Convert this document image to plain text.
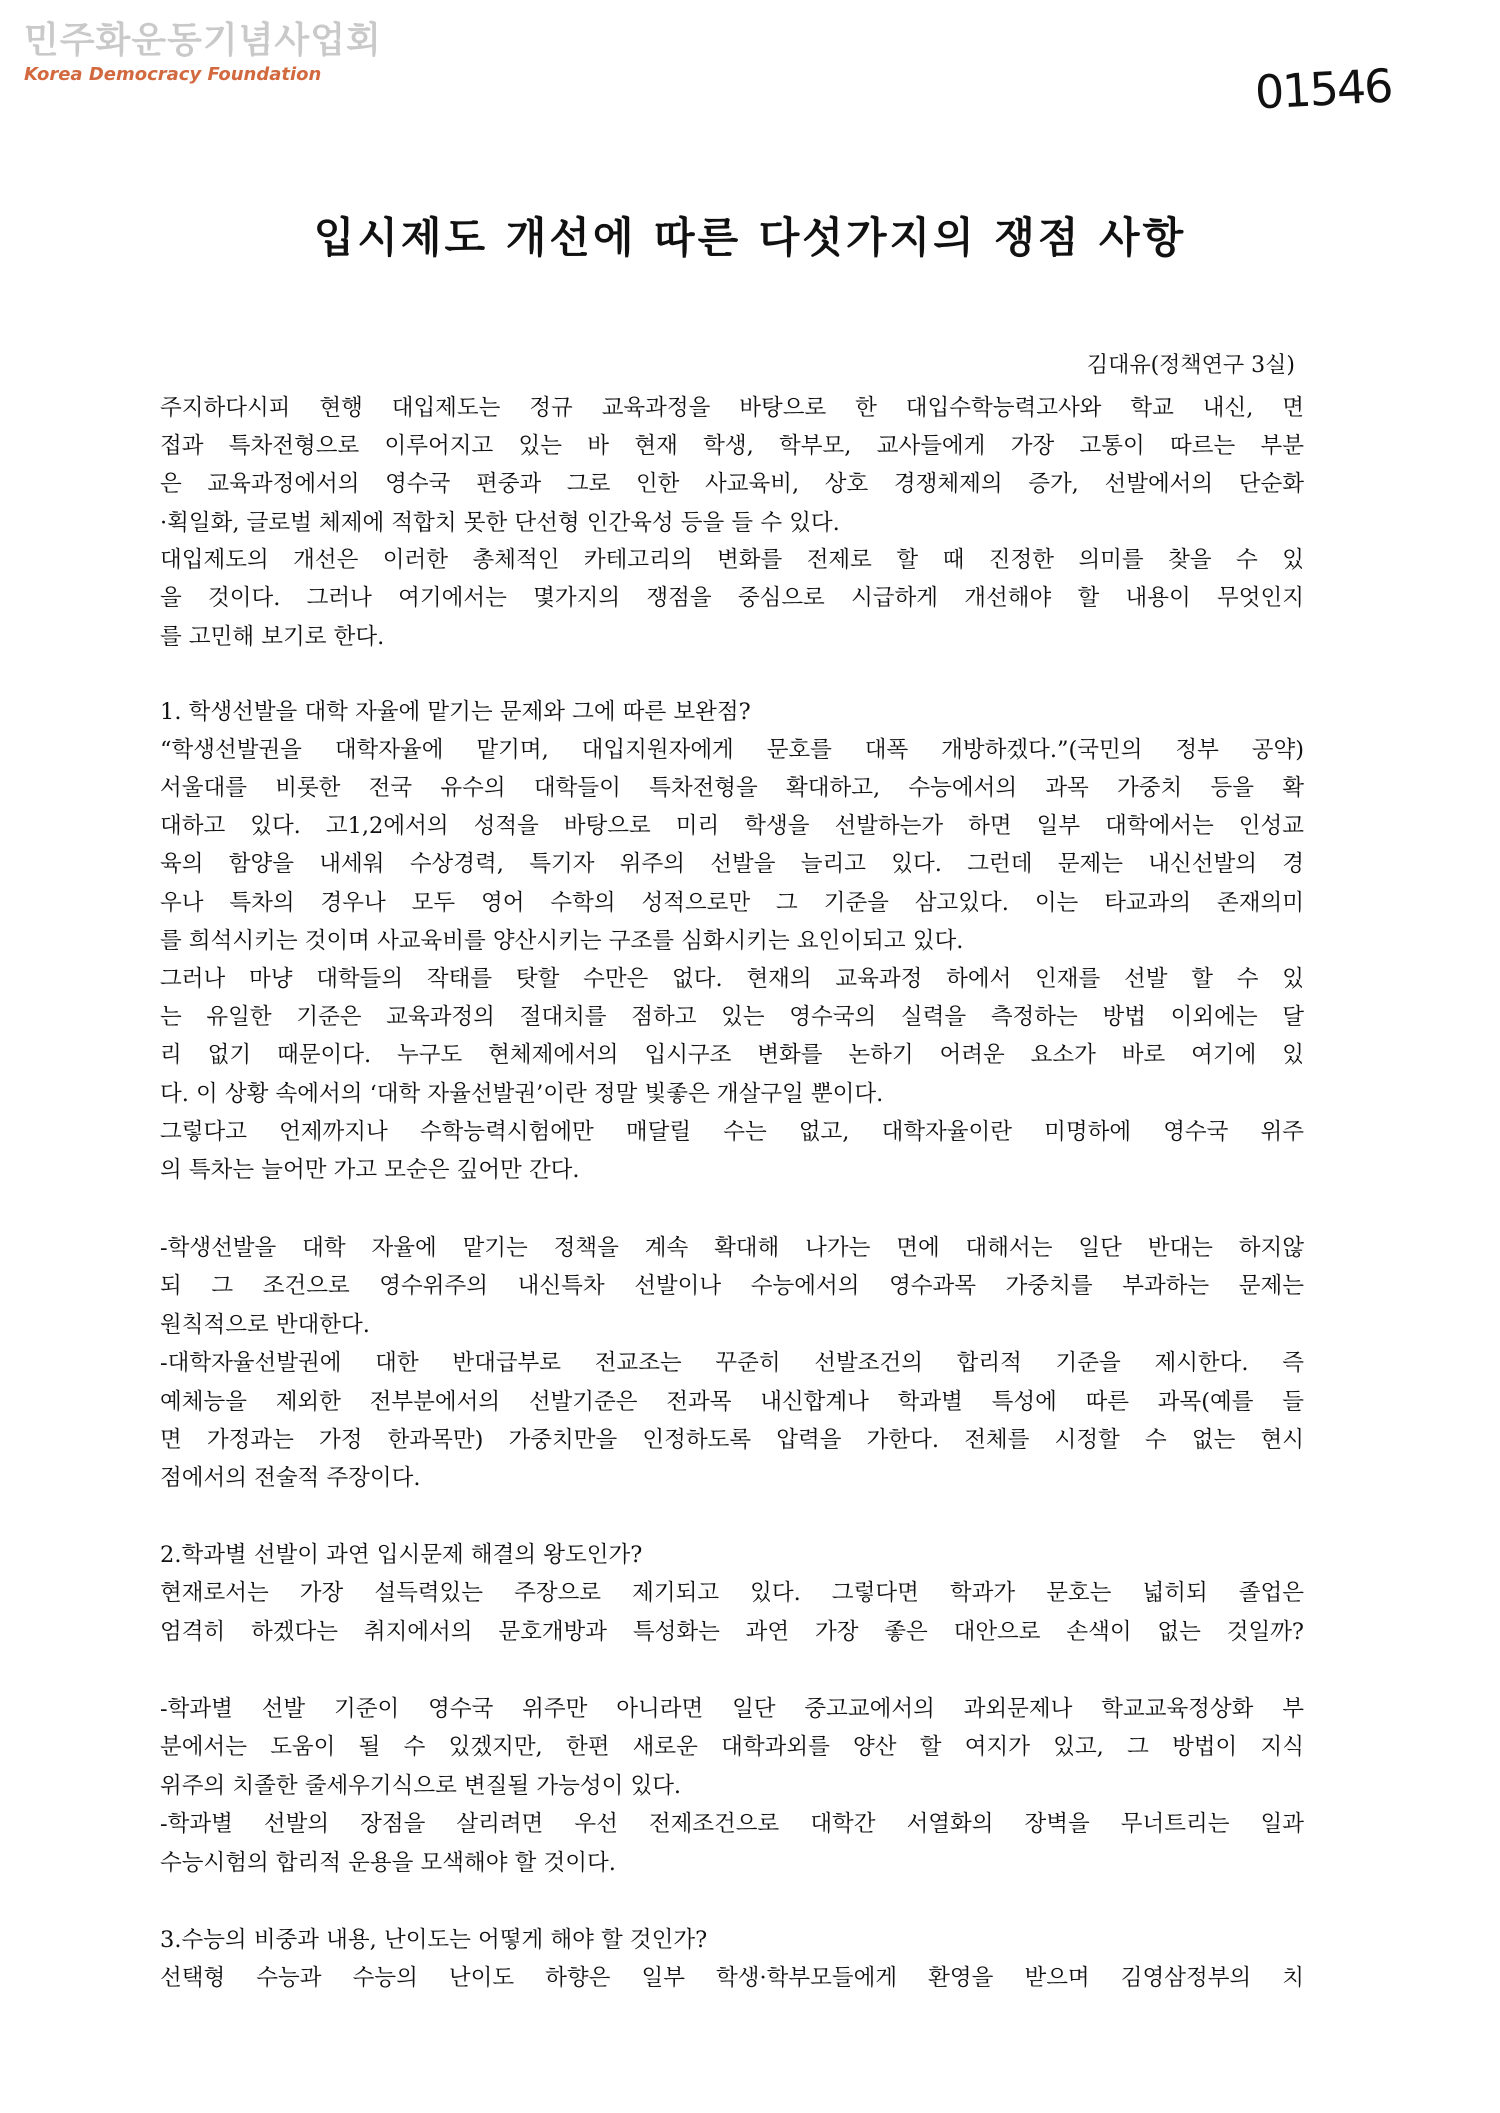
민주화운동기념사업회
Korea Democracy Foundation	01546
입시제도 개선에 따른 다섯가지의 쟁점 사항
김대유(정책연구 3실)
주지하다시피 현행 대입제도는 정규 교육과정을 바탕으로 한 대입수학능력고사와 학교 내신, 면
접과 특차전형으로 이루어지고 있는 바 현재 학생, 학부모, 교사들에게 가장 고통이 따르는 부분
은 교육과정에서의 영수국 편중과 그로 인한 사교육비, 상호 경쟁체제의 증가, 선발에서의 단순화
·획일화, 글로벌 체제에 적합치 못한 단선형 인간육성 등을 들 수 있다.
대입제도의 개선은 이러한 총체적인 카테고리의 변화를 전제로 할 때 진정한 의미를 찾을 수 있
을 것이다. 그러나 여기에서는 몇가지의 쟁점을 중심으로 시급하게 개선해야 할 내용이 무엇인지
를 고민해 보기로 한다.
1. 학생선발을 대학 자율에 맡기는 문제와 그에 따른 보완점?
“학생선발권을 대학자율에 맡기며, 대입지원자에게 문호를 대폭 개방하겠다.”(국민의 정부 공약)
서울대를 비롯한 전국 유수의 대학들이 특차전형을 확대하고, 수능에서의 과목 가중치 등을 확
대하고 있다. 고1,2에서의 성적을 바탕으로 미리 학생을 선발하는가 하면 일부 대학에서는 인성교
육의 함양을 내세워 수상경력, 특기자 위주의 선발을 늘리고 있다. 그런데 문제는 내신선발의 경
우나 특차의 경우나 모두 영어 수학의 성적으로만 그 기준을 삼고있다. 이는 타교과의 존재의미
를 희석시키는 것이며 사교육비를 양산시키는 구조를 심화시키는 요인이되고 있다.
그러나 마냥 대학들의 작태를 탓할 수만은 없다. 현재의 교육과정 하에서 인재를 선발 할 수 있
는 유일한 기준은 교육과정의 절대치를 점하고 있는 영수국의 실력을 측정하는 방법 이외에는 달
리 없기 때문이다. 누구도 현체제에서의 입시구조 변화를 논하기 어려운 요소가 바로 여기에 있
다. 이 상황 속에서의 ‘대학 자율선발권’이란 정말 빛좋은 개살구일 뿐이다.
그렇다고 언제까지나 수학능력시험에만 매달릴 수는 없고, 대학자율이란 미명하에 영수국 위주
의 특차는 늘어만 가고 모순은 깊어만 간다.
-학생선발을 대학 자율에 맡기는 정책을 계속 확대해 나가는 면에 대해서는 일단 반대는 하지않
되 그 조건으로 영수위주의 내신특차 선발이나 수능에서의 영수과목 가중치를 부과하는 문제는
원칙적으로 반대한다.
-대학자율선발권에 대한 반대급부로 전교조는 꾸준히 선발조건의 합리적 기준을 제시한다. 즉
예체능을 제외한 전부분에서의 선발기준은 전과목 내신합계나 학과별 특성에 따른 과목(예를 들
면 가정과는 가정 한과목만) 가중치만을 인정하도록 압력을 가한다. 전체를 시정할 수 없는 현시
점에서의 전술적 주장이다.
2.학과별 선발이 과연 입시문제 해결의 왕도인가?
현재로서는 가장 설득력있는 주장으로 제기되고 있다. 그렇다면 학과가 문호는 넓히되 졸업은
엄격히 하겠다는 취지에서의 문호개방과 특성화는 과연 가장 좋은 대안으로 손색이 없는 것일까?
-학과별 선발 기준이 영수국 위주만 아니라면 일단 중고교에서의 과외문제나 학교교육정상화 부
분에서는 도움이 될 수 있겠지만, 한편 새로운 대학과외를 양산 할 여지가 있고, 그 방법이 지식
위주의 치졸한 줄세우기식으로 변질될 가능성이 있다.
-학과별 선발의 장점을 살리려면 우선 전제조건으로 대학간 서열화의 장벽을 무너트리는 일과
수능시험의 합리적 운용을 모색해야 할 것이다.
3.수능의 비중과 내용, 난이도는 어떻게 해야 할 것인가?
선택형 수능과 수능의 난이도 하향은 일부 학생·학부모들에게 환영을 받으며 김영삼정부의 치
